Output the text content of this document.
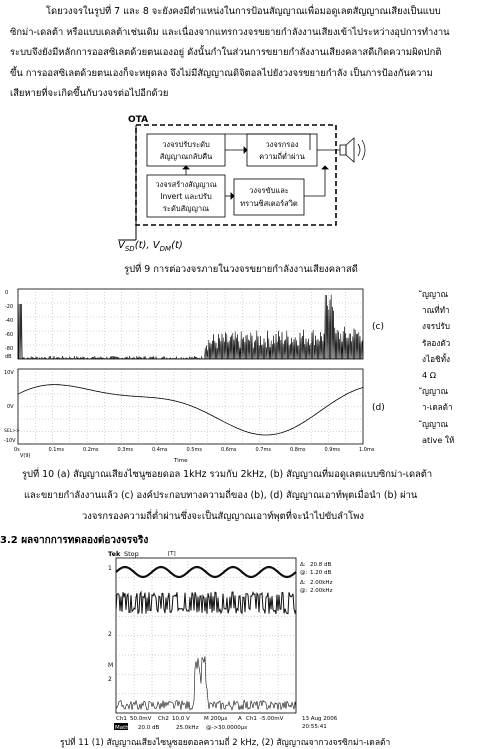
โดยวงจรในรูปที่ 7 และ 8 จะยังคงมีตำแหน่งในการป้อนสัญญาณเพื่อมอดูเลตสัญญาณเสียงเป็นแบบ
ซิกม่า-เดลต้า หรือแบบเดลต้าเช่นเดิม และเนื่องจากแทรกวงจรขยายกำลังงานเสียงเข้าไประหว่างอุปการทำงาน
ระบบจึงยังมีหลักการออสซิเลตด้วยตนเองอยู่ ดังนั้นกำในส่วนการขยายกำลังงานเสียงคลาสดีเกิดความผิดปกติ
ขึ้น การออสซิเลตด้วยตนเองก็จะหยุดลง จึงไม่มีสัญญาณดิจิตอลไปยังวงจรขยายกำลัง เป็นการป้องกันความ
เสียหายที่จะเกิดขึ้นกับวงจรต่อไปอีกด้วย
OTA
วงจรปรับระดับ
สัญญาณกลับคืน
วงจรกรอง
ความถี่ต่ำผ่าน
วงจรสร้างสัญญาณ
Invert และปรับ
ระดับสัญญาณ
วงจรขับและ
ทรานซิสเตอร์สวิต
$V_{SD}(t)$, $V_{DM}(t)$
รูปที่ 9 การต่อวงจรภายในวงจรขยายกำลังงานเสียงคลาสดี
0
-20
-40
-60
-80
dB
10V
0V
SEL>>
-10V
0s	0.1ms	0.2ms	0.3ms	0.4ms	0.5ms	0.6ms	0.7ms	0.8ms	0.9ms	1.0ms
Time
V(9)
(c)
(d)
ัญญาณ
าณที่ทำ
งจรปรับ
รัลองตัว
งไอชิทั้ง
4 Ω
ัญญาณ
า-เดลต้า
ัญญาณ
ative ให้
รูปที่ 10 (a) สัญญาณเสียงไซนูซอยดอล 1kHz รวมกับ 2kHz, (b) สัญญาณที่มอดูเลตแบบซิกม่า-เดลต้า
และขยายกำลังงานแล้ว (c) องค์ประกอบทางความถี่ของ (b), (d) สัญญาณเอาท์พุตเมื่อนำ (b) ผ่าน
วงจรกรองความถี่ต่ำผ่านซึ่งจะเป็นสัญญาณเอาท์พุตที่จะนำไปขับลำโพง
3.2 ผลจากการทดลองต่อวงจรจริง
Tek Stop	[T]
1
2
M
2
Δ: 20.8 dB
@: 1.20 dB
Δ: 2.00kHz
@: 2.00kHz
Ch1 50.0mV Ch2 10.0 V	M 200µs A Ch1 -5.00mV
Math 20.0 dB	25.0kHz @-> 30.0000µs
13 Aug 2006
20:55:41
รูปที่ 11 (1) สัญญาณเสียงไซนูซอยดอลความถี่ 2 kHz, (2) สัญญาณจากวงจรซิกม่า-เดลต้า
